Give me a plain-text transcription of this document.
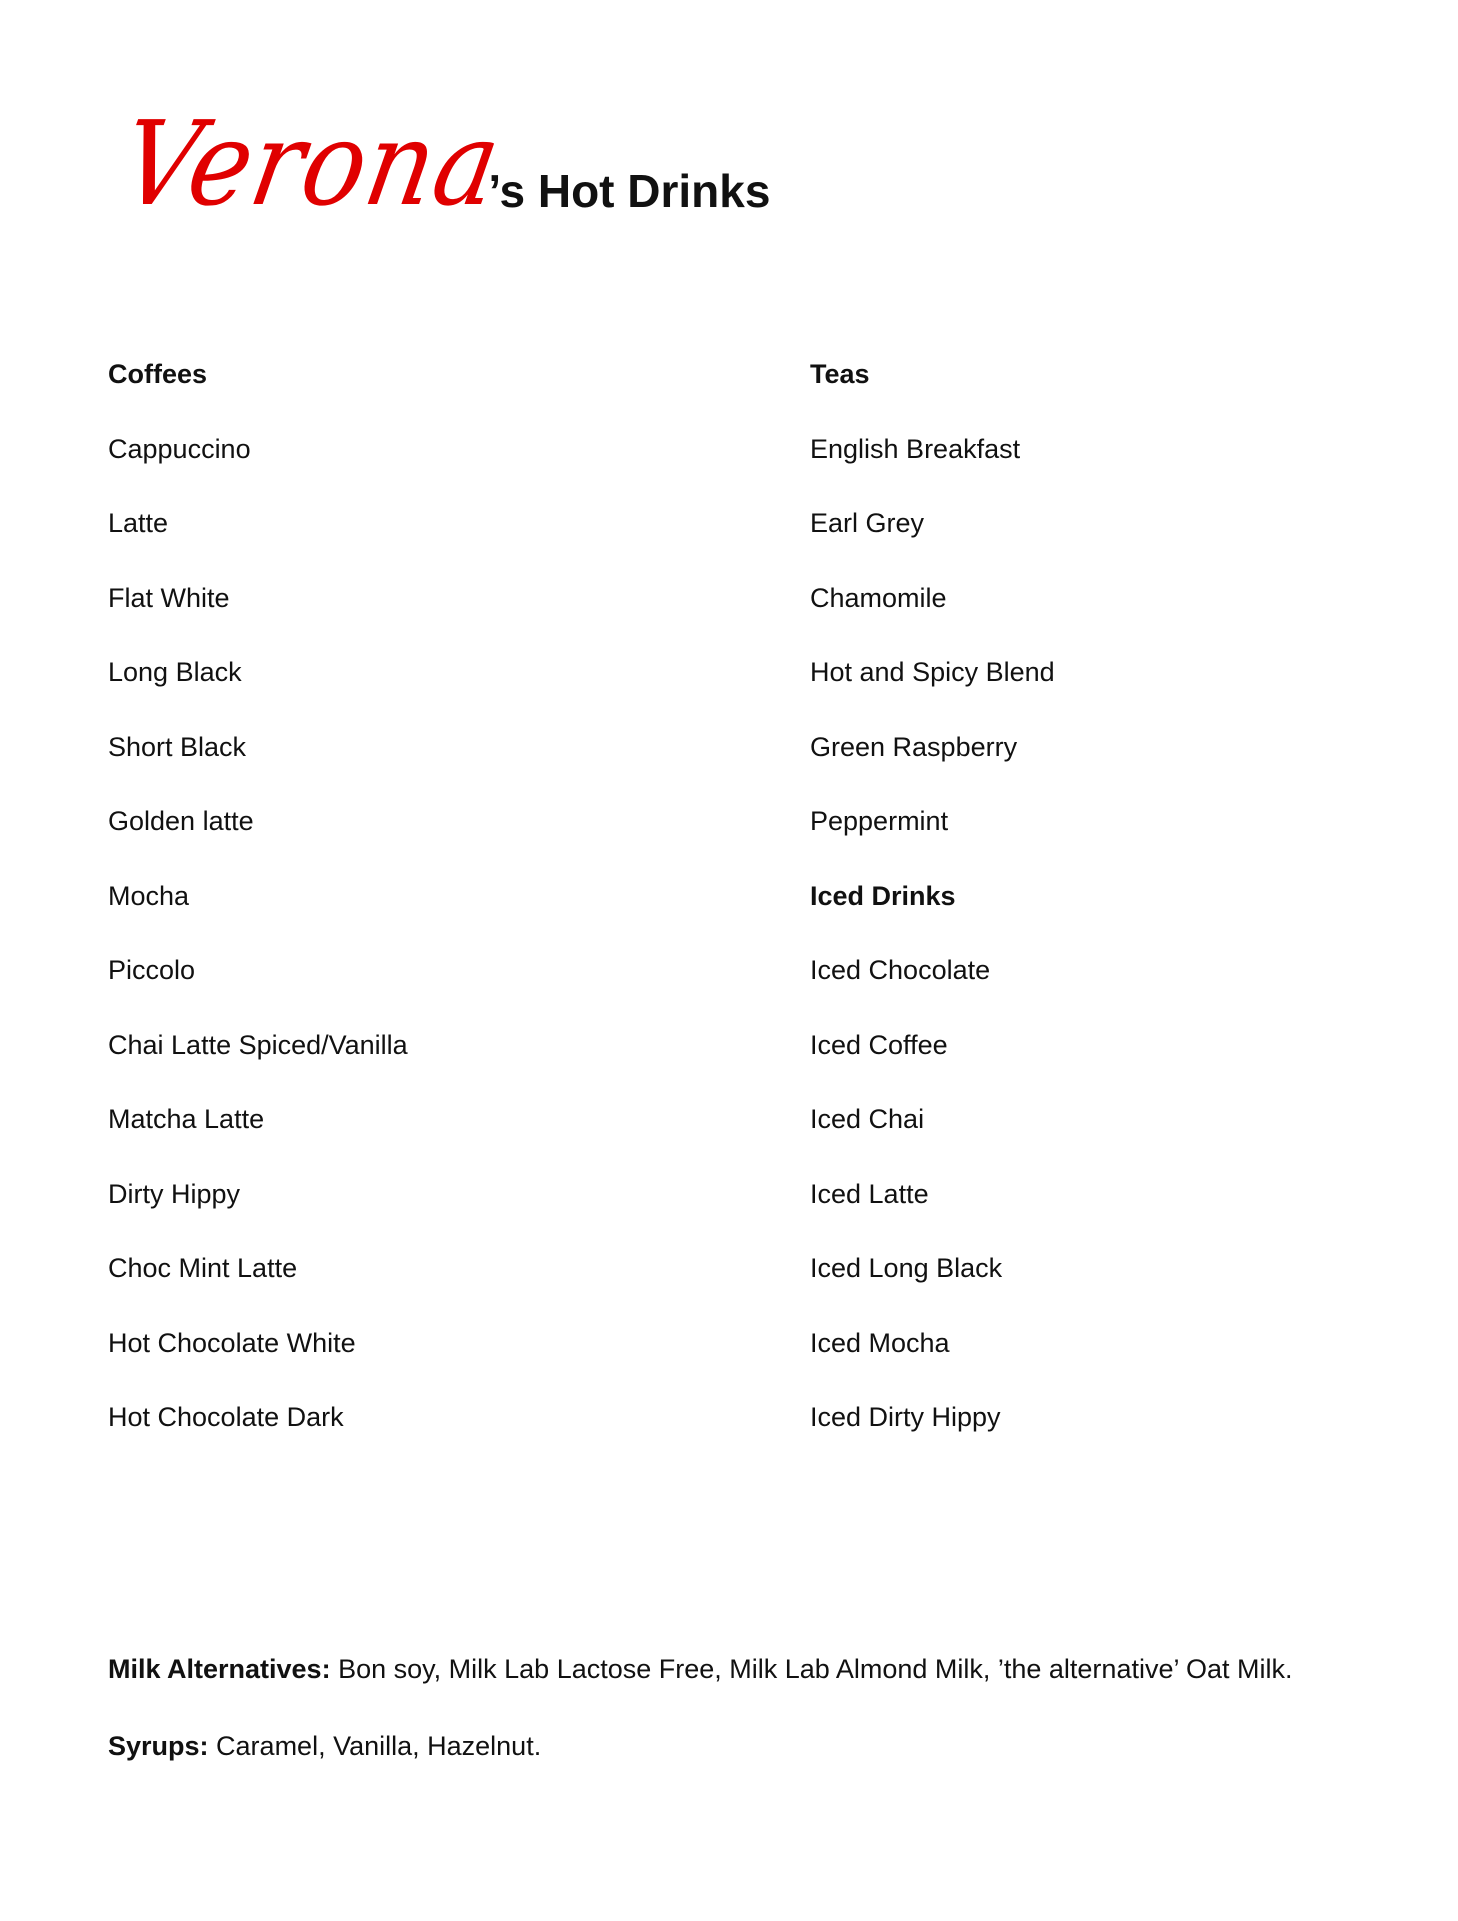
Verona’s Hot Drinks
Coffees
Cappuccino
Latte
Flat White
Long Black
Short Black
Golden latte
Mocha
Piccolo
Chai Latte Spiced/Vanilla
Matcha Latte
Dirty Hippy
Choc Mint Latte
Hot Chocolate White
Hot Chocolate Dark
Teas
English Breakfast
Earl Grey
Chamomile
Hot and Spicy Blend
Green Raspberry
Peppermint
Iced Drinks
Iced Chocolate
Iced Coffee
Iced Chai
Iced Latte
Iced Long Black
Iced Mocha
Iced Dirty Hippy
Milk Alternatives: Bon soy, Milk Lab Lactose Free, Milk Lab Almond Milk, ’the alternative’ Oat Milk.
Syrups: Caramel, Vanilla, Hazelnut.
